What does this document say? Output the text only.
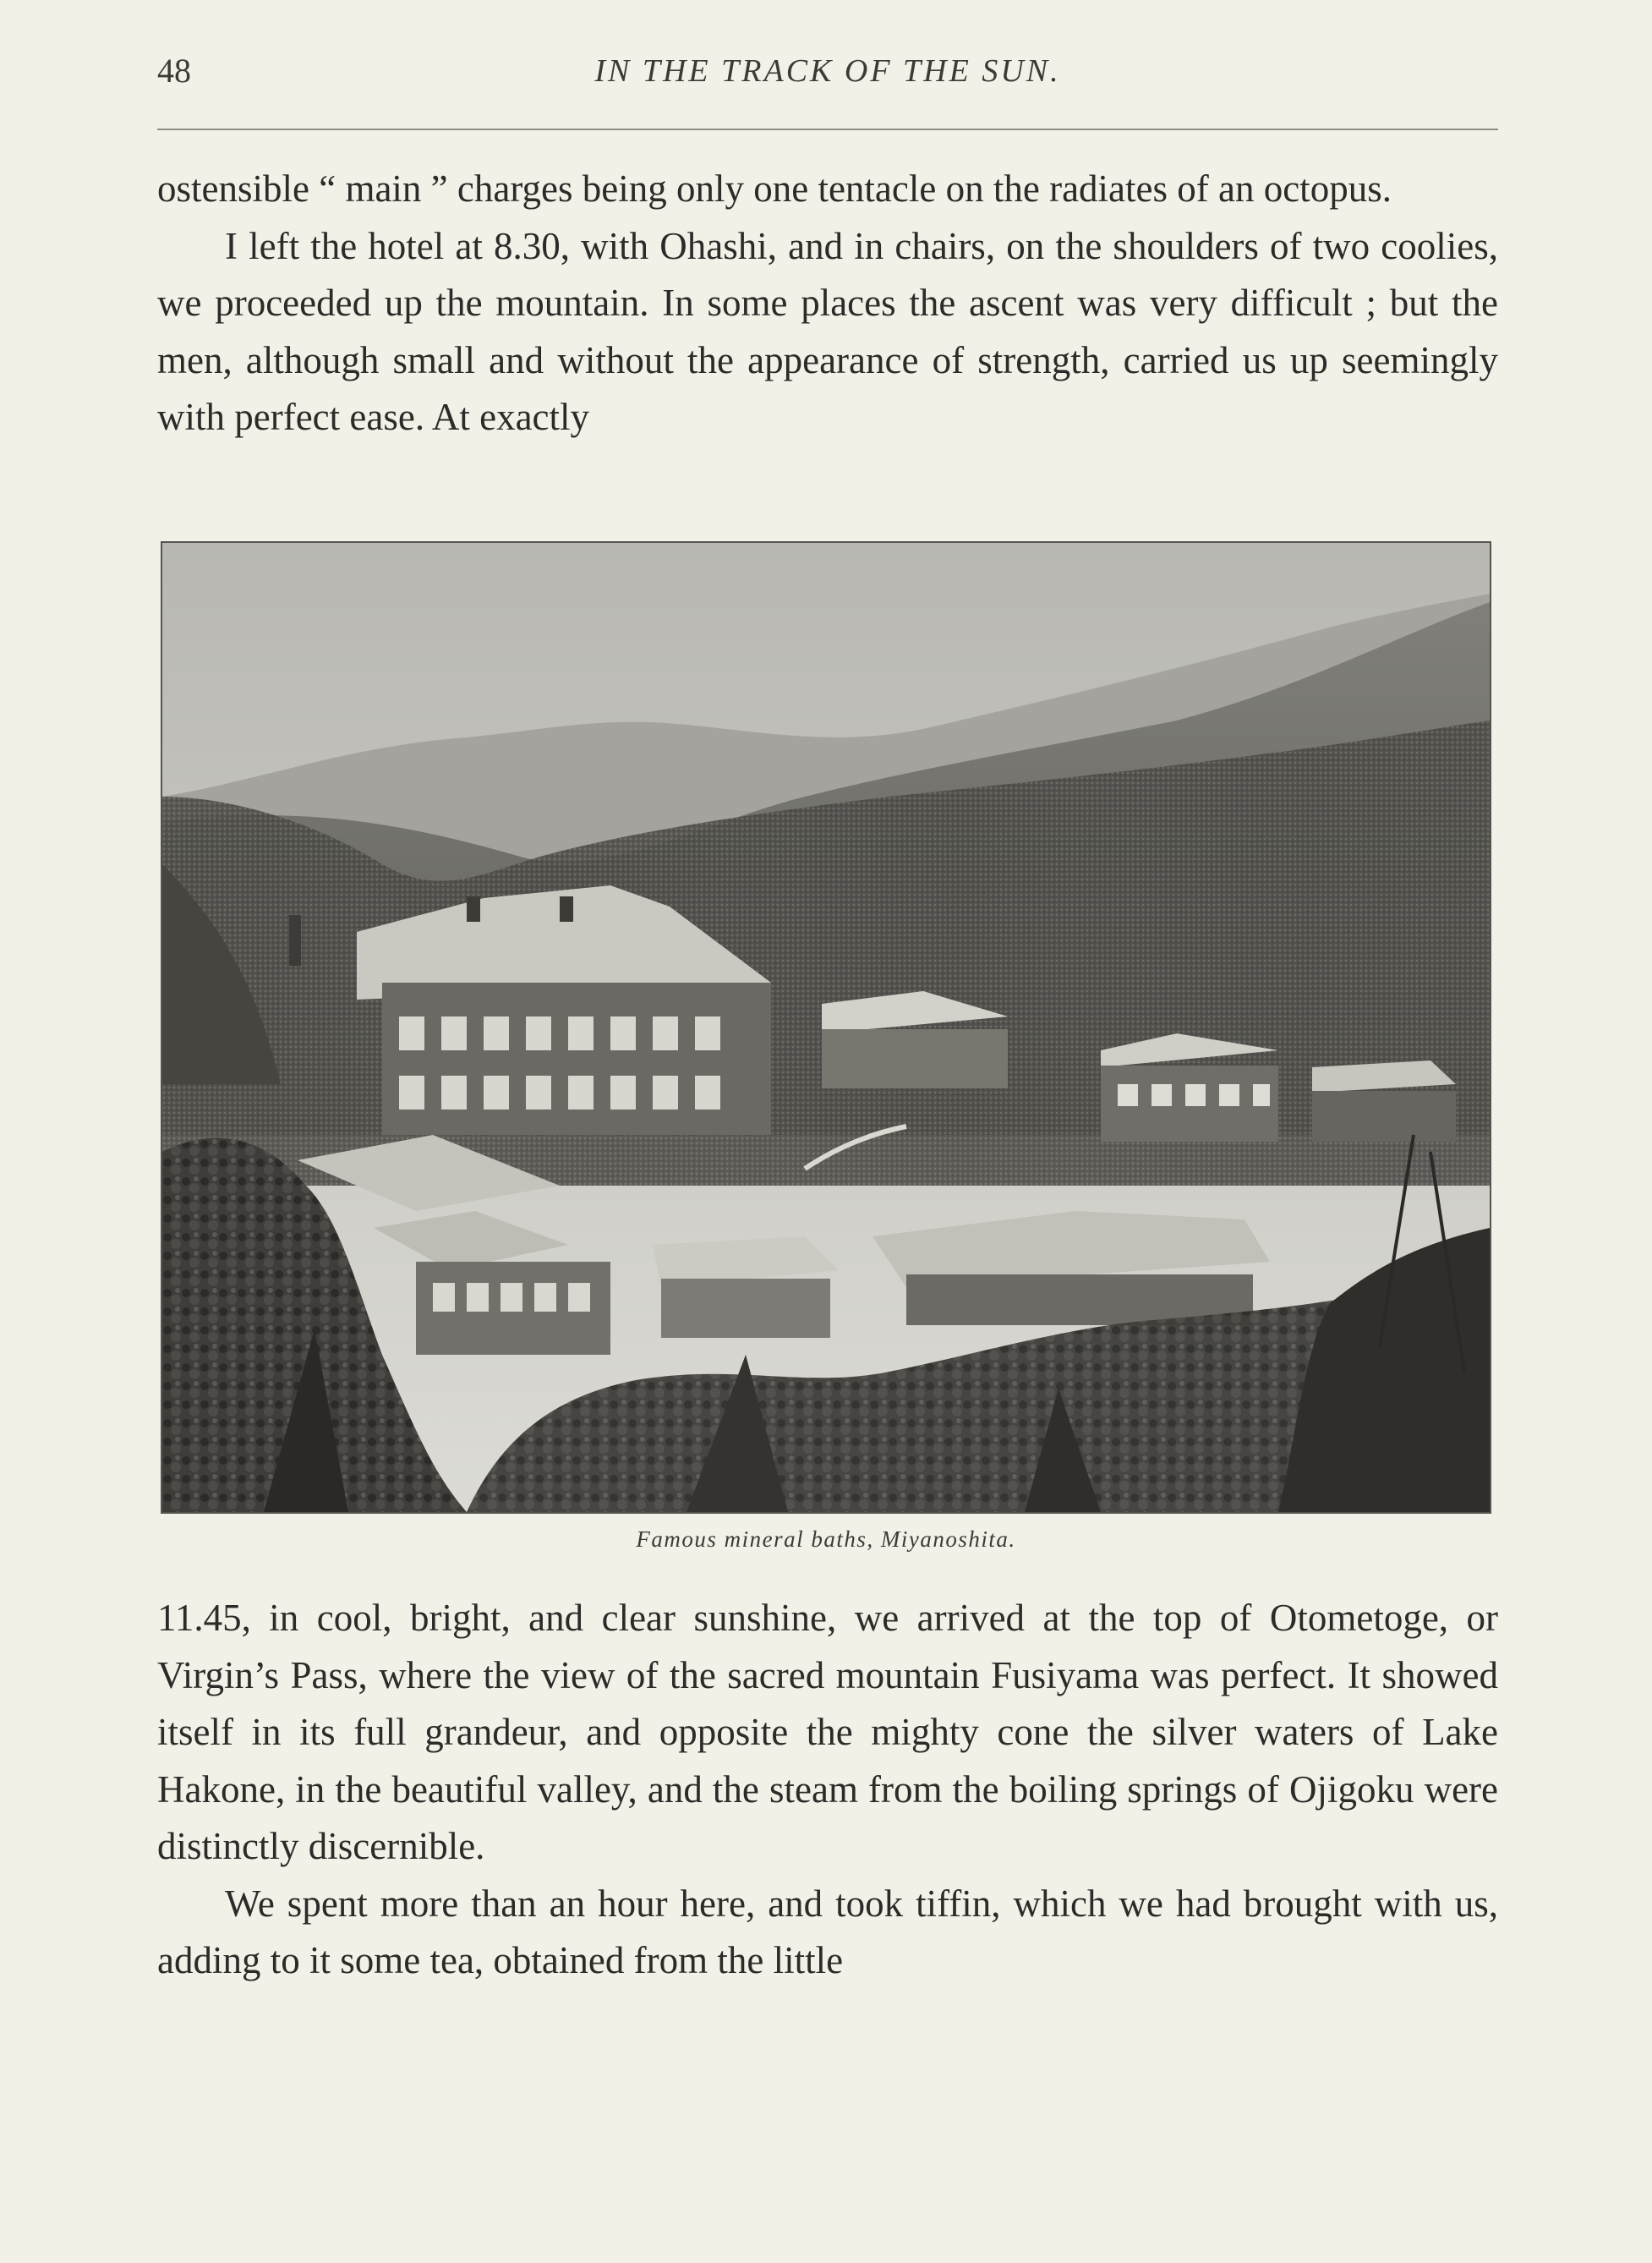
48	IN THE TRACK OF THE SUN.

ostensible “ main ” charges being only one tentacle on the radiates of an octopus.

I left the hotel at 8.30, with Ohashi, and in chairs, on the shoulders of two coolies, we proceeded up the mountain. In some places the ascent was very difficult ; but the men, although small and without the appearance of strength, carried us up seemingly with perfect ease. At exactly

Famous mineral baths, Miyanoshita.

11.45, in cool, bright, and clear sunshine, we arrived at the top of Otometoge, or Virgin’s Pass, where the view of the sacred mountain Fusiyama was perfect. It showed itself in its full grandeur, and opposite the mighty cone the silver waters of Lake Hakone, in the beautiful valley, and the steam from the boiling springs of Ojigoku were distinctly discernible.

We spent more than an hour here, and took tiffin, which we had brought with us, adding to it some tea, obtained from the little
